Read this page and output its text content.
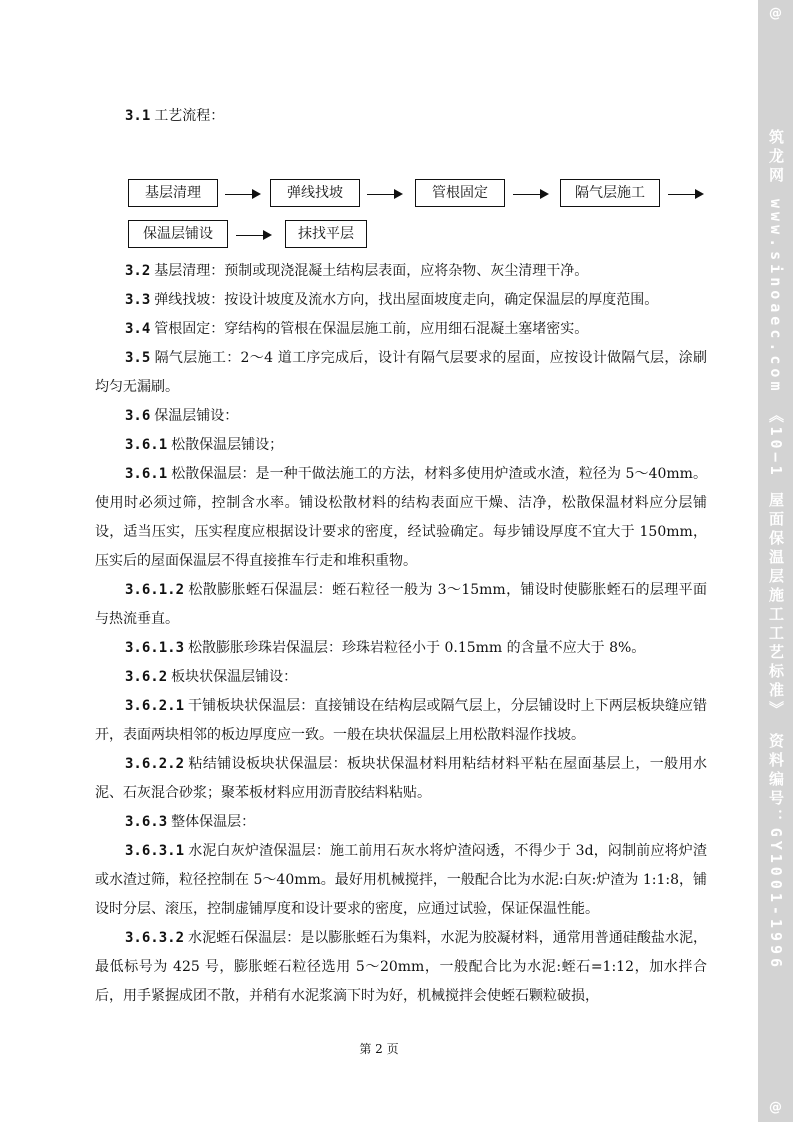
3.1 工艺流程：
基层清理	弹线找坡	管根固定	隔气层施工
保温层铺设	抹找平层

3.2 基层清理：预制或现浇混凝土结构层表面，应将杂物、灰尘清理干净。

3.3 弹线找坡：按设计坡度及流水方向，找出屋面坡度走向，确定保温层的厚度范围。

3.4 管根固定：穿结构的管根在保温层施工前，应用细石混凝土塞堵密实。

3.5 隔气层施工：2～4 道工序完成后，设计有隔气层要求的屋面，应按设计做隔气层，涂刷均匀无漏刷。

3.6 保温层铺设：

3.6.1 松散保温层铺设；

3.6.1 松散保温层：是一种干做法施工的方法，材料多使用炉渣或水渣，粒径为 5～40mm。使用时必须过筛，控制含水率。铺设松散材料的结构表面应干燥、洁净，松散保温材料应分层铺设，适当压实，压实程度应根据设计要求的密度，经试验确定。每步铺设厚度不宜大于 150mm，压实后的屋面保温层不得直接推车行走和堆积重物。

3.6.1.2 松散膨胀蛭石保温层：蛭石粒径一般为 3～15mm，铺设时使膨胀蛭石的层理平面与热流垂直。

3.6.1.3 松散膨胀珍珠岩保温层：珍珠岩粒径小于 0.15mm 的含量不应大于 8%。

3.6.2 板块状保温层铺设：

3.6.2.1 干铺板块状保温层：直接铺设在结构层或隔气层上，分层铺设时上下两层板块缝应错开，表面两块相邻的板边厚度应一致。一般在块状保温层上用松散料湿作找坡。

3.6.2.2 粘结铺设板块状保温层：板块状保温材料用粘结材料平粘在屋面基层上，一般用水泥、石灰混合砂浆；聚苯板材料应用沥青胶结料粘贴。

3.6.3 整体保温层：

3.6.3.1 水泥白灰炉渣保温层：施工前用石灰水将炉渣闷透，不得少于 3d，闷制前应将炉渣或水渣过筛，粒径控制在 5～40mm。最好用机械搅拌，一般配合比为水泥:白灰:炉渣为 1:1:8，铺设时分层、滚压，控制虚铺厚度和设计要求的密度，应通过试验，保证保温性能。

3.6.3.2 水泥蛭石保温层：是以膨胀蛭石为集料，水泥为胶凝材料，通常用普通硅酸盐水泥，最低标号为 425 号，膨胀蛭石粒径选用 5～20mm，一般配合比为水泥:蛭石=1:12，加水拌合后，用手紧握成团不散，并稍有水泥浆滴下时为好，机械搅拌会使蛭石颗粒破损，

第 2 页
@
筑龙网 www.sinoaec.com 《10—1 屋面保温层施工工艺标准》 资料编号：GY1001-1996
@
